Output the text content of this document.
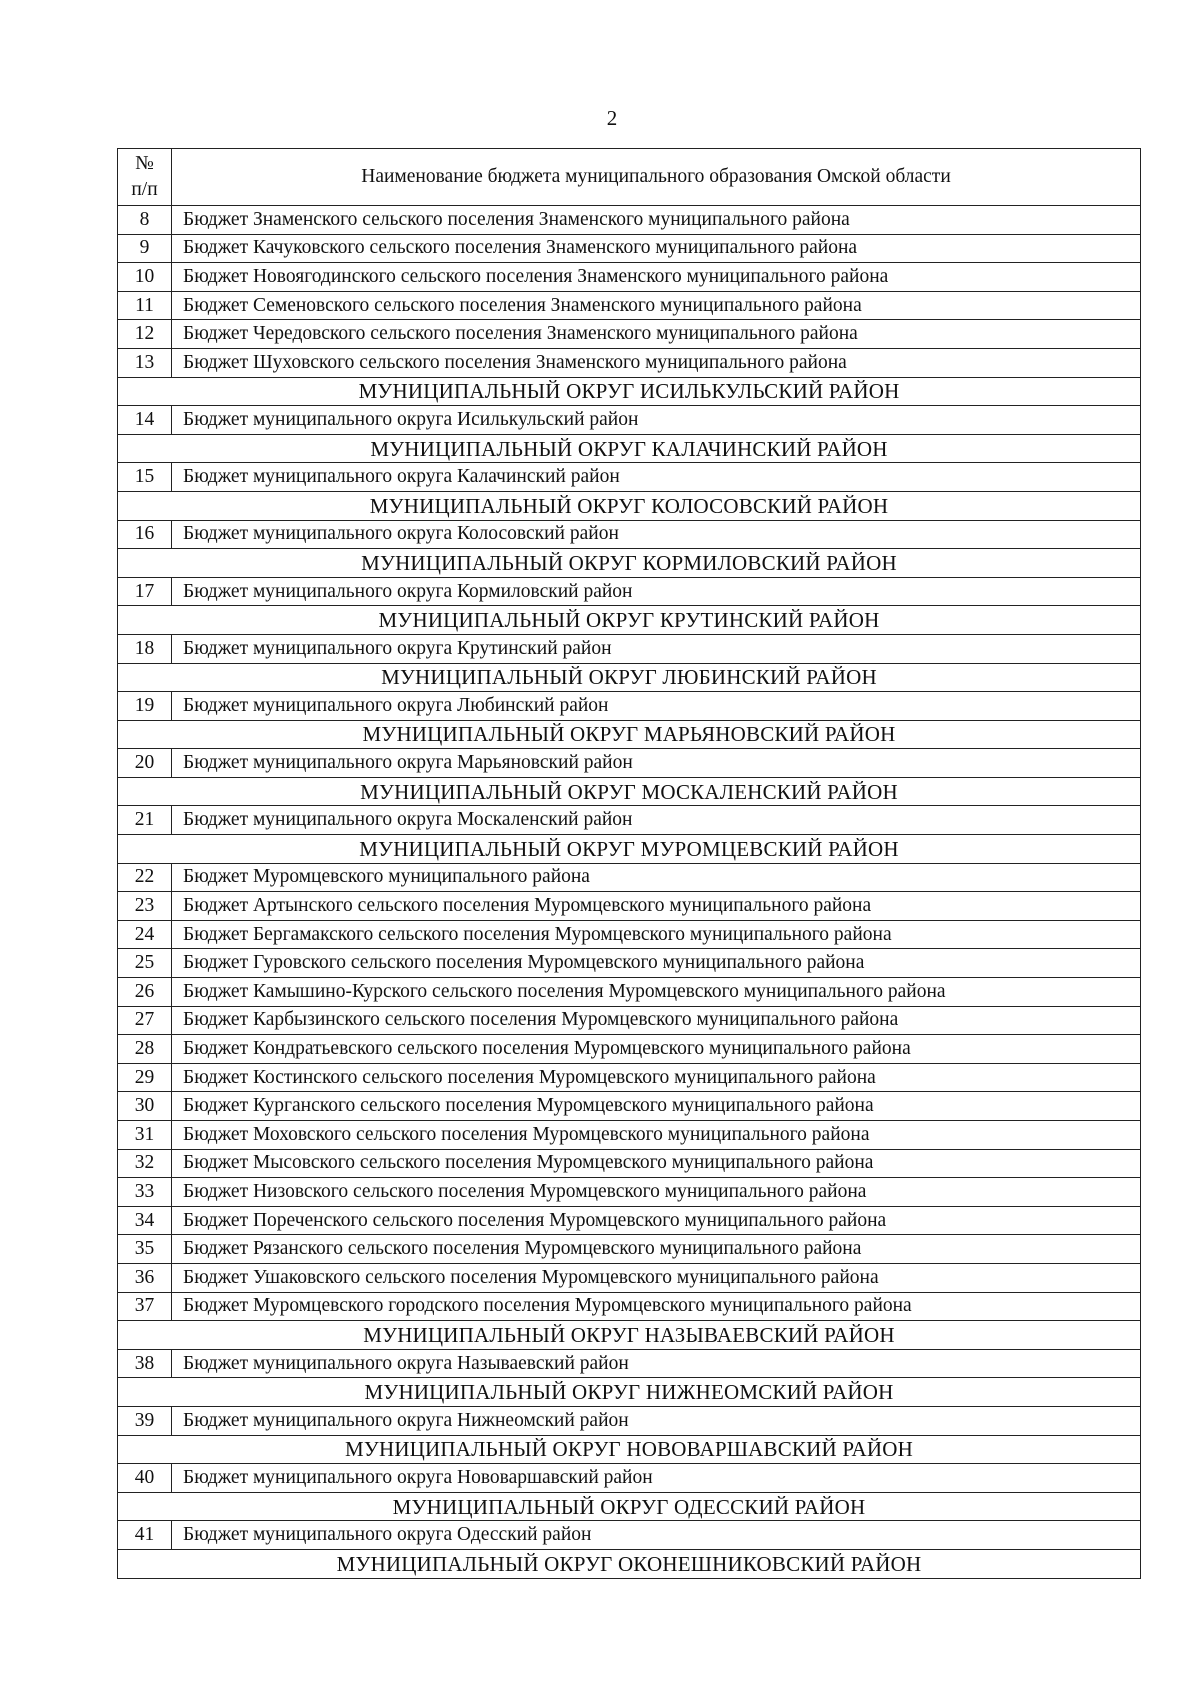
2
№
п/п	Наименование бюджета муниципального образования Омской области
8	Бюджет Знаменского сельского поселения Знаменского муниципального района
9	Бюджет Качуковского сельского поселения Знаменского муниципального района
10	Бюджет Новоягодинского сельского поселения Знаменского муниципального района
11	Бюджет Семеновского сельского поселения Знаменского муниципального района
12	Бюджет Чередовского сельского поселения Знаменского муниципального района
13	Бюджет Шуховского сельского поселения Знаменского муниципального района
МУНИЦИПАЛЬНЫЙ ОКРУГ ИСИЛЬКУЛЬСКИЙ РАЙОН	
14	Бюджет муниципального округа Исилькульский район
МУНИЦИПАЛЬНЫЙ ОКРУГ КАЛАЧИНСКИЙ РАЙОН	
15	Бюджет муниципального округа Калачинский район
МУНИЦИПАЛЬНЫЙ ОКРУГ КОЛОСОВСКИЙ РАЙОН	
16	Бюджет муниципального округа Колосовский район
МУНИЦИПАЛЬНЫЙ ОКРУГ КОРМИЛОВСКИЙ РАЙОН	
17	Бюджет муниципального округа Кормиловский район
МУНИЦИПАЛЬНЫЙ ОКРУГ КРУТИНСКИЙ РАЙОН	
18	Бюджет муниципального округа Крутинский район
МУНИЦИПАЛЬНЫЙ ОКРУГ ЛЮБИНСКИЙ РАЙОН	
19	Бюджет муниципального округа Любинский район
МУНИЦИПАЛЬНЫЙ ОКРУГ МАРЬЯНОВСКИЙ РАЙОН	
20	Бюджет муниципального округа Марьяновский район
МУНИЦИПАЛЬНЫЙ ОКРУГ МОСКАЛЕНСКИЙ РАЙОН	
21	Бюджет муниципального округа Москаленский район
МУНИЦИПАЛЬНЫЙ ОКРУГ МУРОМЦЕВСКИЙ РАЙОН	
22	Бюджет Муромцевского муниципального района
23	Бюджет Артынского сельского поселения Муромцевского муниципального района
24	Бюджет Бергамакского сельского поселения Муромцевского муниципального района
25	Бюджет Гуровского сельского поселения Муромцевского муниципального района
26	Бюджет Камышино-Курского сельского поселения Муромцевского муниципального района
27	Бюджет Карбызинского сельского поселения Муромцевского муниципального района
28	Бюджет Кондратьевского сельского поселения Муромцевского муниципального района
29	Бюджет Костинского сельского поселения Муромцевского муниципального района
30	Бюджет Курганского сельского поселения Муромцевского муниципального района
31	Бюджет Моховского сельского поселения Муромцевского муниципального района
32	Бюджет Мысовского сельского поселения Муромцевского муниципального района
33	Бюджет Низовского сельского поселения Муромцевского муниципального района
34	Бюджет Пореченского сельского поселения Муромцевского муниципального района
35	Бюджет Рязанского сельского поселения Муромцевского муниципального района
36	Бюджет Ушаковского сельского поселения Муромцевского муниципального района
37	Бюджет Муромцевского городского поселения Муромцевского муниципального района
МУНИЦИПАЛЬНЫЙ ОКРУГ НАЗЫВАЕВСКИЙ РАЙОН	
38	Бюджет муниципального округа Называевский район
МУНИЦИПАЛЬНЫЙ ОКРУГ НИЖНЕОМСКИЙ РАЙОН	
39	Бюджет муниципального округа Нижнеомский район
МУНИЦИПАЛЬНЫЙ ОКРУГ НОВОВАРШАВСКИЙ РАЙОН	
40	Бюджет муниципального округа Нововаршавский район
МУНИЦИПАЛЬНЫЙ ОКРУГ ОДЕССКИЙ РАЙОН	
41	Бюджет муниципального округа Одесский район
МУНИЦИПАЛЬНЫЙ ОКРУГ ОКОНЕШНИКОВСКИЙ РАЙОН	
